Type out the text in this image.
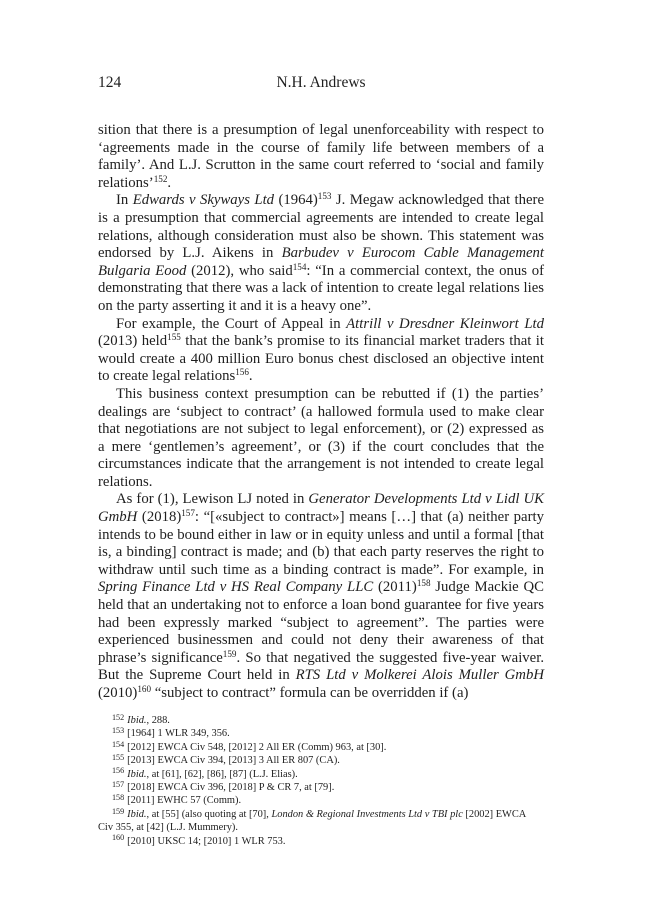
124	N.H. Andrews

sition that there is a presumption of legal unenforceability with respect to ‘agreements made in the course of family life between members of a family’. And L.J. Scrutton in the same court referred to ‘social and family relations’$^{152}$.

In Edwards v Skyways Ltd $(1964)^{153}$ J. Megaw acknowledged that there is a presumption that commercial agreements are intended to create legal relations, although consideration must also be shown. This statement was endorsed by L.J. Aikens in Barbudev v Eurocom Cable Management Bulgaria Eood (2012), who said$^{154}$: “In a commercial context, the onus of demonstrating that there was a lack of intention to create legal relations lies on the party asserting it and it is a heavy one”.

For example, the Court of Appeal in Attrill v Dresdner Kleinwort Ltd (2013) held$^{155}$ that the bank’s promise to its financial market traders that it would create a 400 million Euro bonus chest disclosed an objective intent to create legal relations$^{156}$.

This business context presumption can be rebutted if (1) the parties’ dealings are ‘subject to contract’ (a hallowed formula used to make clear that negotiations are not subject to legal enforcement), or (2) expressed as a mere ‘gentlemen’s agreement’, or (3) if the court concludes that the circumstances indicate that the arrangement is not intended to create legal relations.

As for (1), Lewison LJ noted in Generator Developments Ltd v Lidl UK GmbH $(2018)^{157}$: “[«subject to contract»] means […] that (a) neither party intends to be bound either in law or in equity unless and until a formal [that is, a binding] contract is made; and (b) that each party reserves the right to withdraw until such time as a binding contract is made”. For example, in Spring Finance Ltd v HS Real Company LLC $(2011)^{158}$ Judge Mackie QC held that an undertaking not to enforce a loan bond guarantee for five years had been expressly marked “subject to agreement”. The parties were experienced businessmen and could not deny their awareness of that phrase’s significance$^{159}$. So that negatived the suggested five-year waiver. But the Supreme Court held in RTS Ltd v Molkerei Alois Muller GmbH $(2010)^{160}$ “subject to contract” formula can be overridden if (a)

$^{152}$ Ibid., 288.
$^{153}$ [1964] 1 WLR 349, 356.
$^{154}$ [2012] EWCA Civ 548, [2012] 2 All ER (Comm) 963, at [30].
$^{155}$ [2013] EWCA Civ 394, [2013] 3 All ER 807 (CA).
$^{156}$ Ibid., at [61], [62], [86], [87] (L.J. Elias).
$^{157}$ [2018] EWCA Civ 396, [2018] P & CR 7, at [79].
$^{158}$ [2011] EWHC 57 (Comm).
$^{159}$ Ibid., at [55] (also quoting at [70], London & Regional Investments Ltd v TBI plc [2002] EWCA
Civ 355, at [42] (L.J. Mummery).
$^{160}$ [2010] UKSC 14; [2010] 1 WLR 753.
